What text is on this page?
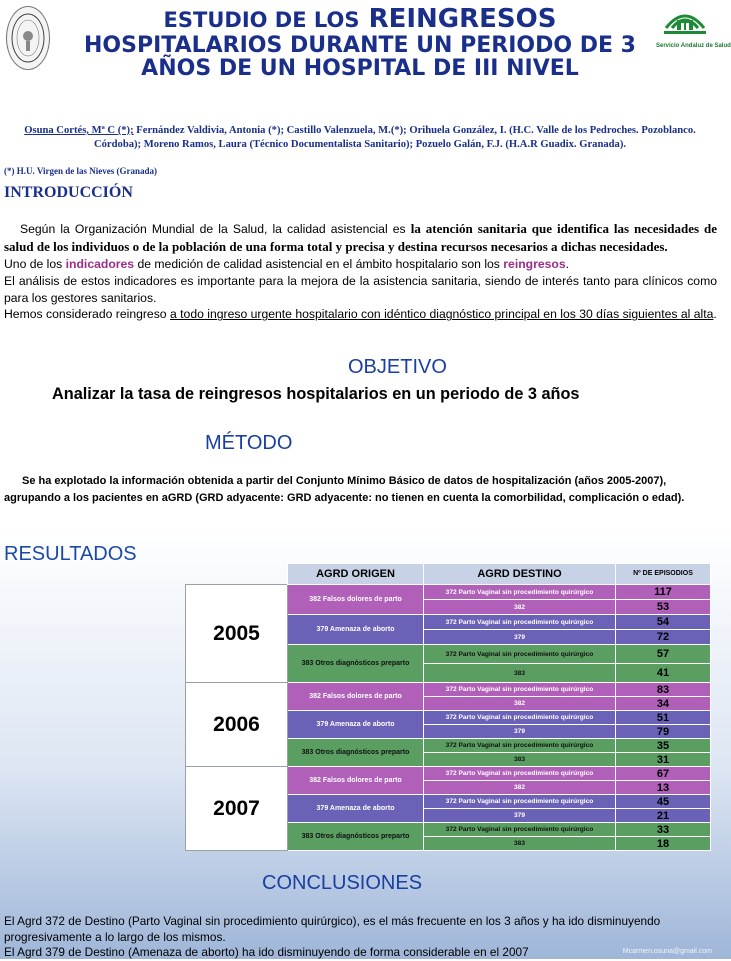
Servicio Andaluz de Salud
ESTUDIO DE LOS REINGRESOS
HOSPITALARIOS DURANTE UN PERIODO DE 3
AÑOS DE UN HOSPITAL DE III NIVEL
Osuna Cortés, Mª C (*); Fernández Valdivia, Antonia (*); Castillo Valenzuela, M.(*); Orihuela González, I. (H.C. Valle de los Pedroches. Pozoblanco. Córdoba); Moreno Ramos, Laura (Técnico Documentalista Sanitario); Pozuelo Galán, F.J. (H.A.R Guadix. Granada).
(*) H.U. Virgen de las Nieves (Granada)
INTRODUCCIÓN

Según la Organización Mundial de la Salud, la calidad asistencial es la atención sanitaria que identifica las necesidades de salud de los individuos o de la población de una forma total y precisa y destina recursos necesarios a dichas necesidades.

Uno de los indicadores de medición de calidad asistencial en el ámbito hospitalario son los reingresos.

El análisis de estos indicadores es importante para la mejora de la asistencia sanitaria, siendo de interés tanto para clínicos como para los gestores sanitarios.

Hemos considerado reingreso a todo ingreso urgente hospitalario con idéntico diagnóstico principal en los 30 días siguientes al alta.

OBJETIVO
Analizar la tasa de reingresos hospitalarios en un periodo de 3 años
MÉTODO
Se ha explotado la información obtenida a partir del Conjunto Mínimo Básico de datos de hospitalización (años 2005-2007), agrupando a los pacientes en aGRD (GRD adyacente: GRD adyacente: no tienen en cuenta la comorbilidad, complicación o edad).
RESULTADOS
	AGRD ORIGEN	AGRD DESTINO	Nº DE EPISODIOS
2005	382 Falsos dolores de parto	372 Parto Vaginal sin procedimiento quirúrgico	117
		382	53
	379 Amenaza de aborto	372 Parto Vaginal sin procedimiento quirúrgico	54
		379	72
	383 Otros diagnósticos preparto	372 Parto Vaginal sin procedimiento quirúrgico	57
		383	41
2006	382 Falsos dolores de parto	372 Parto Vaginal sin procedimiento quirúrgico	83
		382	34
	379 Amenaza de aborto	372 Parto Vaginal sin procedimiento quirúrgico	51
		379	79
	383 Otros diagnósticos preparto	372 Parto Vaginal sin procedimiento quirúrgico	35
		383	31
2007	382 Falsos dolores de parto	372 Parto Vaginal sin procedimiento quirúrgico	67
		382	13
	379 Amenaza de aborto	372 Parto Vaginal sin procedimiento quirúrgico	45
		379	21
	383 Otros diagnósticos preparto	372 Parto Vaginal sin procedimiento quirúrgico	33
		383	18
CONCLUSIONES

El Agrd 372 de Destino (Parto Vaginal sin procedimiento quirúrgico), es el más frecuente en los 3 años y ha ido disminuyendo progresivamente a lo largo de los mismos.

El Agrd 379 de Destino (Amenaza de aborto) ha ido disminuyendo de forma considerable en el 2007	Mcarmen.osuna@gmail.com
